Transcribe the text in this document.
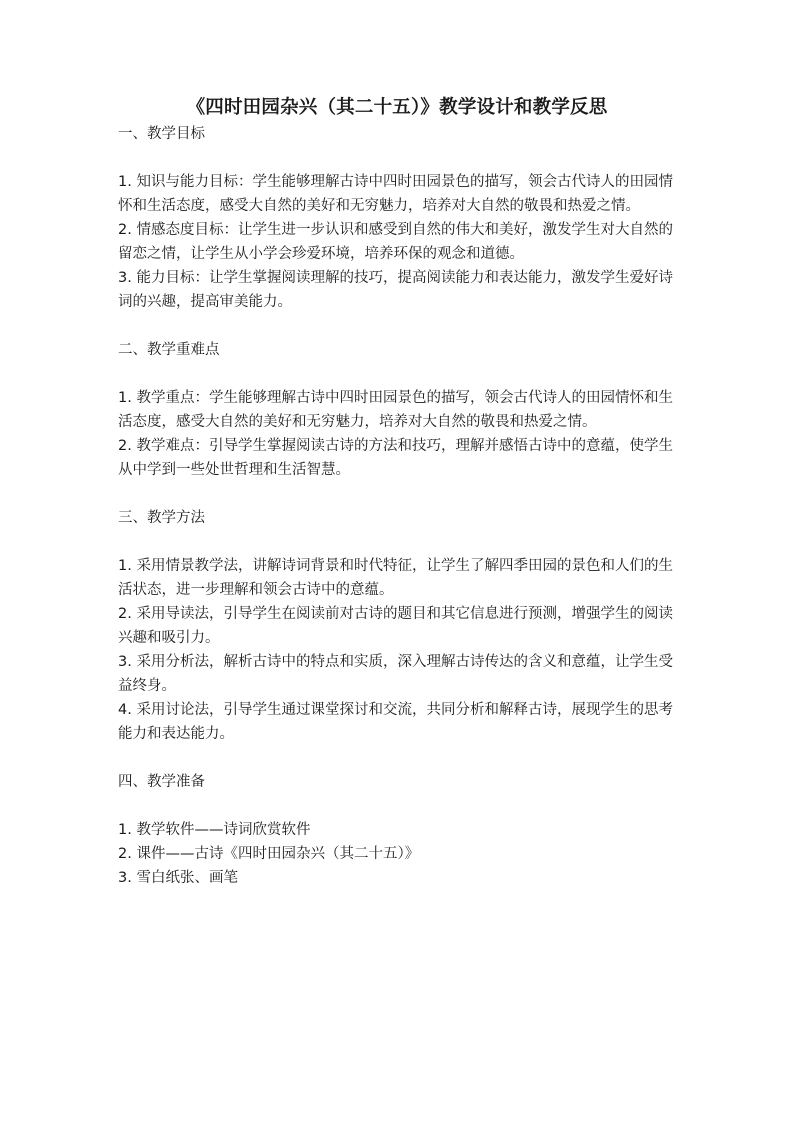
《四时田园杂兴（其二十五）》教学设计和教学反思
一、教学目标

1. 知识与能力目标：学生能够理解古诗中四时田园景色的描写，领会古代诗人的田园情怀和生活态度，感受大自然的美好和无穷魅力，培养对大自然的敬畏和热爱之情。

2. 情感态度目标：让学生进一步认识和感受到自然的伟大和美好，激发学生对大自然的留恋之情，让学生从小学会珍爱环境，培养环保的观念和道德。

3. 能力目标：让学生掌握阅读理解的技巧，提高阅读能力和表达能力，激发学生爱好诗词的兴趣，提高审美能力。

二、教学重难点

1. 教学重点：学生能够理解古诗中四时田园景色的描写，领会古代诗人的田园情怀和生活态度，感受大自然的美好和无穷魅力，培养对大自然的敬畏和热爱之情。

2. 教学难点：引导学生掌握阅读古诗的方法和技巧，理解并感悟古诗中的意蕴，使学生从中学到一些处世哲理和生活智慧。

三、教学方法

1. 采用情景教学法，讲解诗词背景和时代特征，让学生了解四季田园的景色和人们的生活状态，进一步理解和领会古诗中的意蕴。

2. 采用导读法，引导学生在阅读前对古诗的题目和其它信息进行预测，增强学生的阅读兴趣和吸引力。

3. 采用分析法，解析古诗中的特点和实质，深入理解古诗传达的含义和意蕴，让学生受益终身。

4. 采用讨论法，引导学生通过课堂探讨和交流，共同分析和解释古诗，展现学生的思考能力和表达能力。

四、教学准备

1. 教学软件——诗词欣赏软件

2. 课件——古诗《四时田园杂兴（其二十五）》

3. 雪白纸张、画笔
